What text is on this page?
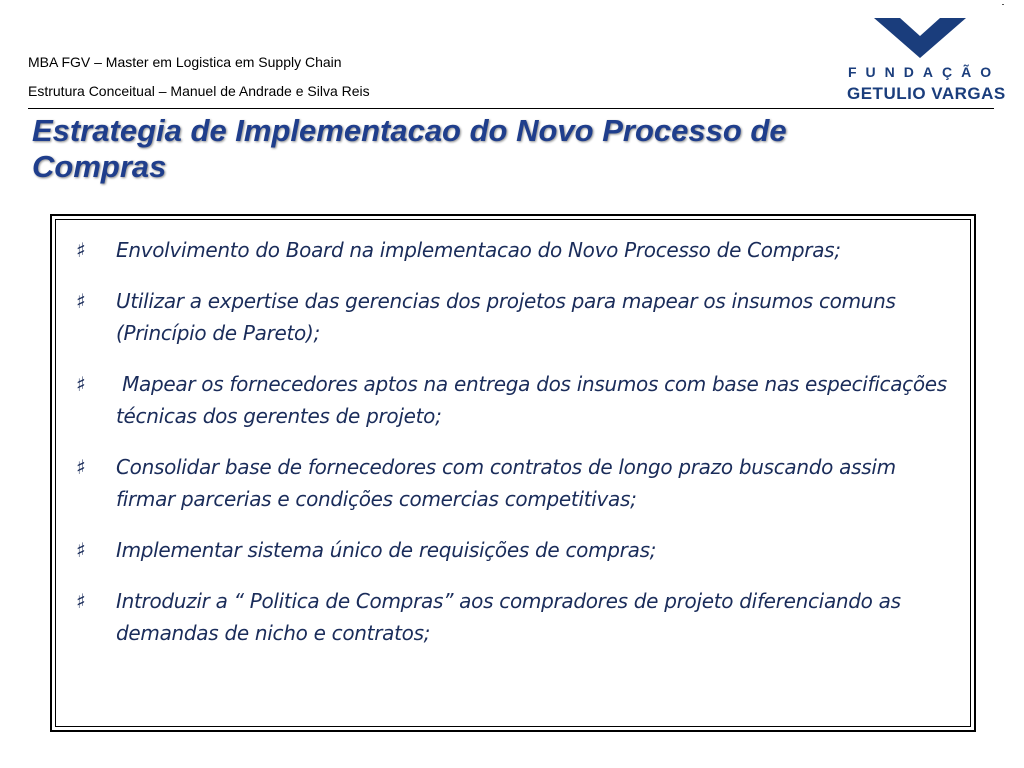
MBA FGV – Master em Logistica em Supply Chain
Estrutura Conceitual – Manuel de Andrade e Silva Reis
FUNDAÇÃO
GETULIO VARGAS
Estrategia de Implementacao do Novo Processo de Compras
♯ Envolvimento do Board na implementacao do Novo Processo de Compras;
♯ Utilizar a expertise das gerencias dos projetos para mapear os insumos comuns (Princípio de Pareto);
♯ Mapear os fornecedores aptos na entrega dos insumos com base nas especificações técnicas dos gerentes de projeto;
♯ Consolidar base de fornecedores com contratos de longo prazo buscando assim firmar parcerias e condições comercias competitivas;
♯ Implementar sistema único de requisições de compras;
♯ Introduzir a “ Politica de Compras” aos compradores de projeto diferenciando as demandas de nicho e contratos;
